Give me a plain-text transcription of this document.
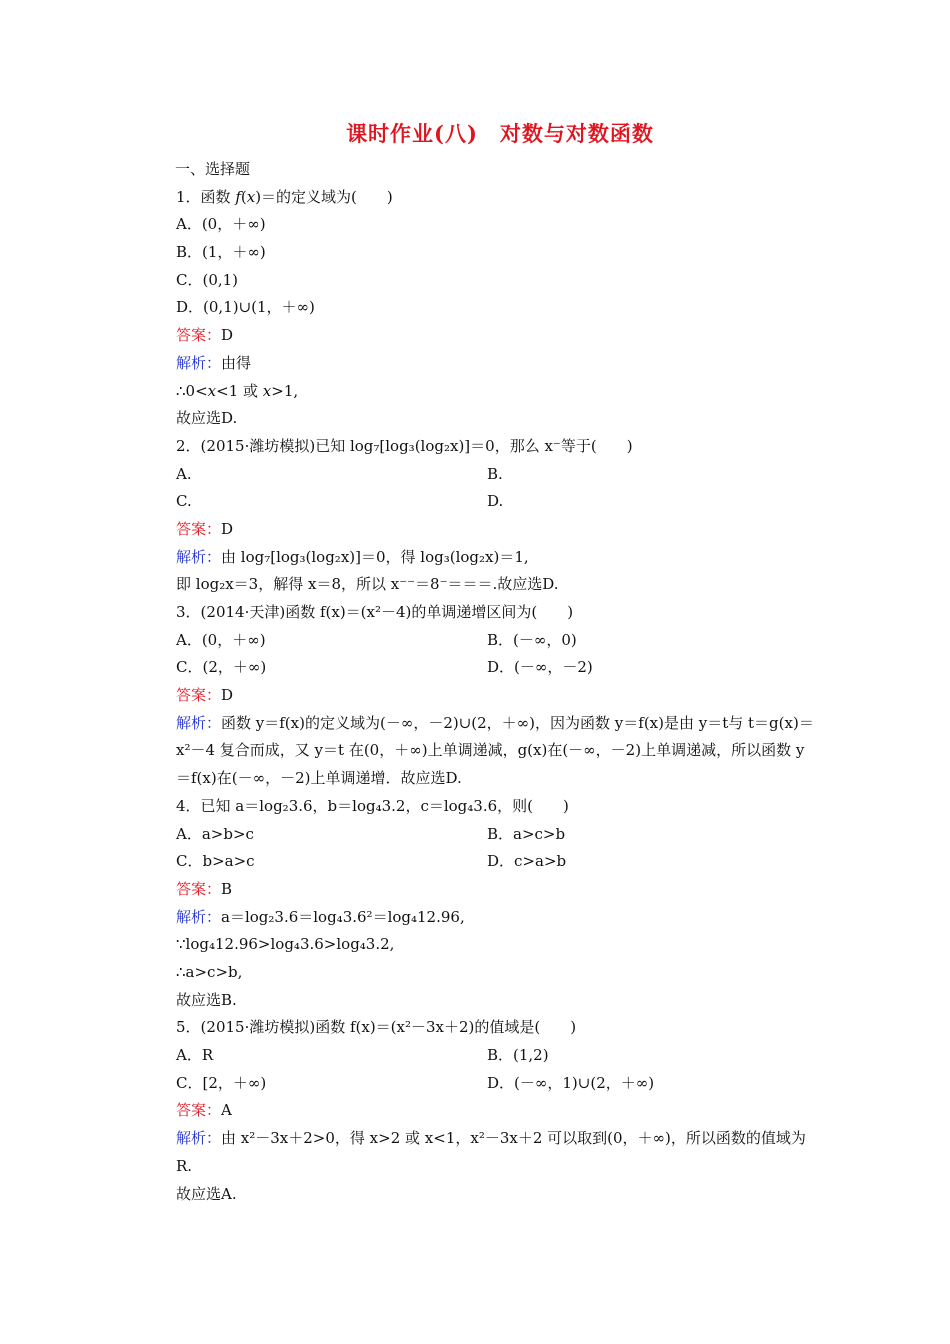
课时作业(八)　对数与对数函数
一、选择题
1．函数 f(x)＝的定义域为(　　)
A．(0，＋∞)
B．(1，＋∞)
C．(0,1)
D．(0,1)∪(1，＋∞)
答案：D
解析：由得
∴0<x<1 或 x>1,
故应选D.
2．(2015·潍坊模拟)已知 log₇[log₃(log₂x)]＝0，那么 x⁻等于(　　)
A.	B.
C.	D.
答案：D
解析：由 log₇[log₃(log₂x)]＝0，得 log₃(log₂x)＝1,
即 log₂x＝3，解得 x＝8，所以 x⁻⁻＝8⁻＝＝＝.故应选D.
3．(2014·天津)函数 f(x)＝(x²－4)的单调递增区间为(　　)
A．(0，＋∞)	B．(－∞，0)
C．(2，＋∞)	D．(－∞，－2)
答案：D
解析：函数 y＝f(x)的定义域为(－∞，－2)∪(2，＋∞)，因为函数 y＝f(x)是由 y＝t与 t＝g(x)＝x²－4 复合而成，又 y＝t 在(0，＋∞)上单调递减，g(x)在(－∞，－2)上单调递减，所以函数 y＝f(x)在(－∞，－2)上单调递增．故应选D.
4．已知 a＝log₂3.6，b＝log₄3.2，c＝log₄3.6，则(　　)
A．a>b>c	B．a>c>b
C．b>a>c	D．c>a>b
答案：B
解析：a＝log₂3.6＝log₄3.6²＝log₄12.96,
∵log₄12.96>log₄3.6>log₄3.2,
∴a>c>b,
故应选B.
5．(2015·潍坊模拟)函数 f(x)＝(x²－3x＋2)的值域是(　　)
A．R	B．(1,2)
C．[2，＋∞)	D．(－∞，1)∪(2，＋∞)
答案：A
解析：由 x²－3x＋2>0，得 x>2 或 x<1，x²－3x＋2 可以取到(0，＋∞)，所以函数的值域为R.
故应选A.
